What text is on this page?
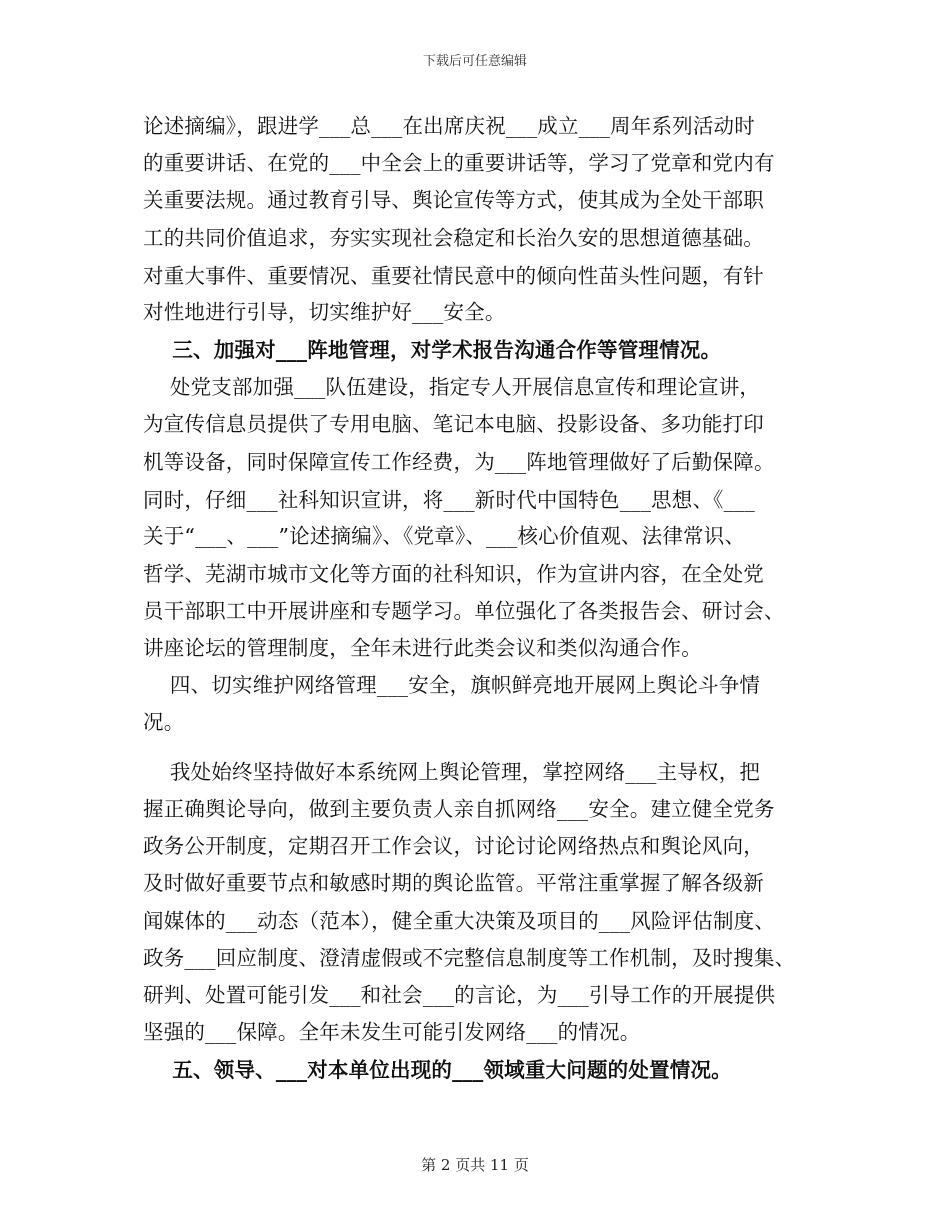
下载后可任意编辑
论述摘编》，跟进学___总___在出席庆祝___成立___周年系列活动时
的重要讲话、在党的___中全会上的重要讲话等，学习了党章和党内有
关重要法规。通过教育引导、舆论宣传等方式，使其成为全处干部职
工的共同价值追求，夯实实现社会稳定和长治久安的思想道德基础。
对重大事件、重要情况、重要社情民意中的倾向性苗头性问题，有针
对性地进行引导，切实维护好___安全。
三、加强对___阵地管理，对学术报告沟通合作等管理情况。
处党支部加强___队伍建设，指定专人开展信息宣传和理论宣讲，
为宣传信息员提供了专用电脑、笔记本电脑、投影设备、多功能打印
机等设备，同时保障宣传工作经费，为___阵地管理做好了后勤保障。
同时，仔细___社科知识宣讲，将___新时代中国特色___思想、《___
关于“___、___”论述摘编》、《党章》、___核心价值观、法律常识、
哲学、芜湖市城市文化等方面的社科知识，作为宣讲内容，在全处党
员干部职工中开展讲座和专题学习。单位强化了各类报告会、研讨会、
讲座论坛的管理制度，全年未进行此类会议和类似沟通合作。
四、切实维护网络管理___安全，旗帜鲜亮地开展网上舆论斗争情
况。
我处始终坚持做好本系统网上舆论管理，掌控网络___主导权，把
握正确舆论导向，做到主要负责人亲自抓网络___安全。建立健全党务
政务公开制度，定期召开工作会议，讨论讨论网络热点和舆论风向，
及时做好重要节点和敏感时期的舆论监管。平常注重掌握了解各级新
闻媒体的___动态（范本），健全重大决策及项目的___风险评估制度、
政务___回应制度、澄清虚假或不完整信息制度等工作机制，及时搜集、
研判、处置可能引发___和社会___的言论，为___引导工作的开展提供
坚强的___保障。全年未发生可能引发网络___的情况。
五、领导、___对本单位出现的___领域重大问题的处置情况。
第 2 页共 11 页
